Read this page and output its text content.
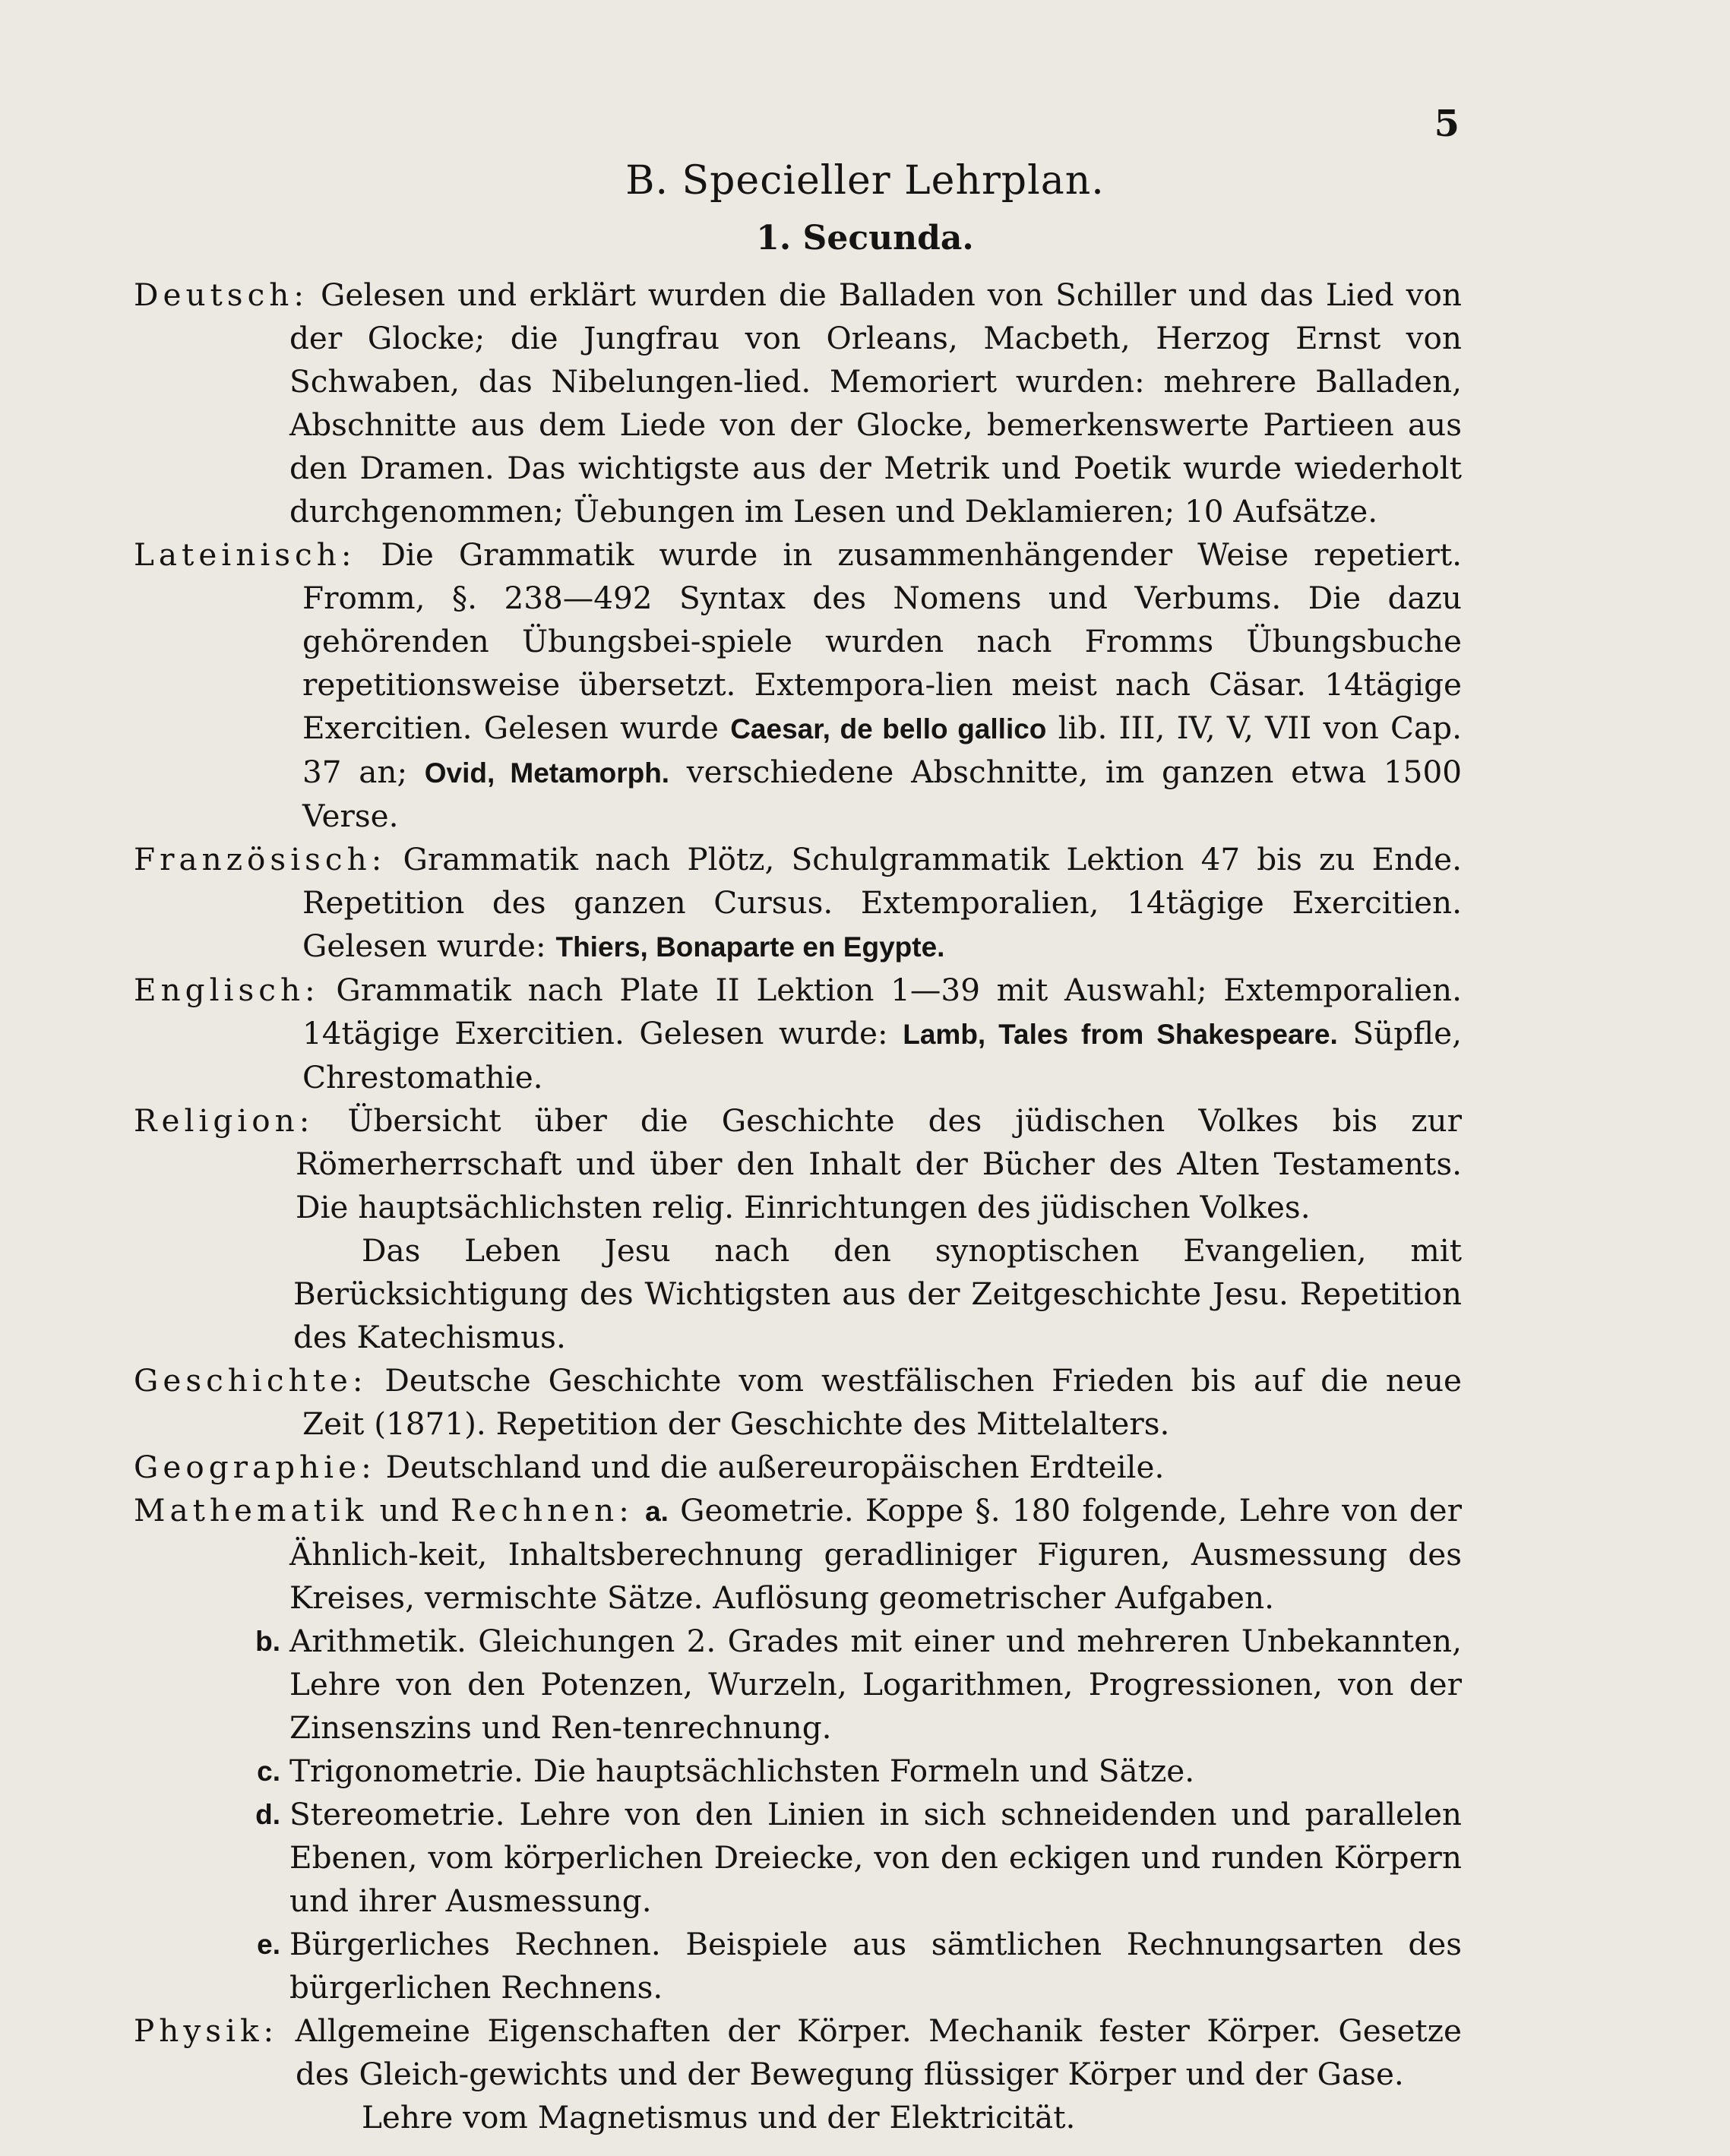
5

B. Specieller Lehrplan.
1. Secunda.

Deutsch: Gelesen und erklärt wurden die Balladen von Schiller und das Lied von der Glocke; die Jungfrau von Orleans, Macbeth, Herzog Ernst von Schwaben, das Nibelungen‑lied. Memoriert wurden: mehrere Balladen, Abschnitte aus dem Liede von der Glocke, bemerkenswerte Partieen aus den Dramen. Das wichtigste aus der Metrik und Poetik wurde wiederholt durchgenommen; Üebungen im Lesen und Deklamieren; 10 Aufsätze.

Lateinisch: Die Grammatik wurde in zusammenhängender Weise repetiert. Fromm, §. 238—492 Syntax des Nomens und Verbums. Die dazu gehörenden Übungsbei‑spiele wurden nach Fromms Übungsbuche repetitionsweise übersetzt. Extempora‑lien meist nach Cäsar. 14tägige Exercitien. Gelesen wurde Caesar, de bello gallico lib. III, IV, V, VII von Cap. 37 an; Ovid, Metamorph. verschiedene Abschnitte, im ganzen etwa 1500 Verse.

Französisch: Grammatik nach Plötz, Schulgrammatik Lektion 47 bis zu Ende. Repetition des ganzen Cursus. Extemporalien, 14tägige Exercitien. Gelesen wurde: Thiers, Bonaparte en Egypte.

Englisch: Grammatik nach Plate II Lektion 1—39 mit Auswahl; Extemporalien. 14tägige Exercitien. Gelesen wurde: Lamb, Tales from Shakespeare. Süpfle, Chrestomathie.

Religion: Übersicht über die Geschichte des jüdischen Volkes bis zur Römerherrschaft und über den Inhalt der Bücher des Alten Testaments. Die hauptsächlichsten relig. Einrichtungen des jüdischen Volkes.

Das Leben Jesu nach den synoptischen Evangelien, mit Berücksichtigung des Wichtigsten aus der Zeitgeschichte Jesu. Repetition des Katechismus.

Geschichte: Deutsche Geschichte vom westfälischen Frieden bis auf die neue Zeit (1871). Repetition der Geschichte des Mittelalters.

Geographie: Deutschland und die außereuropäischen Erdteile.

Mathematik und Rechnen: a. Geometrie. Koppe §. 180 folgende, Lehre von der Ähnlich‑keit, Inhaltsberechnung geradliniger Figuren, Ausmessung des Kreises, vermischte Sätze. Auflösung geometrischer Aufgaben.

b. Arithmetik. Gleichungen 2. Grades mit einer und mehreren Unbekannten, Lehre von den Potenzen, Wurzeln, Logarithmen, Progressionen, von der Zinsenszins und Ren‑tenrechnung.
c. Trigonometrie. Die hauptsächlichsten Formeln und Sätze.
d. Stereometrie. Lehre von den Linien in sich schneidenden und parallelen Ebenen, vom körperlichen Dreiecke, von den eckigen und runden Körpern und ihrer Ausmessung.
e. Bürgerliches Rechnen. Beispiele aus sämtlichen Rechnungsarten des bürgerlichen Rechnens.

Physik: Allgemeine Eigenschaften der Körper. Mechanik fester Körper. Gesetze des Gleich‑gewichts und der Bewegung flüssiger Körper und der Gase.

Lehre vom Magnetismus und der Elektricität.
